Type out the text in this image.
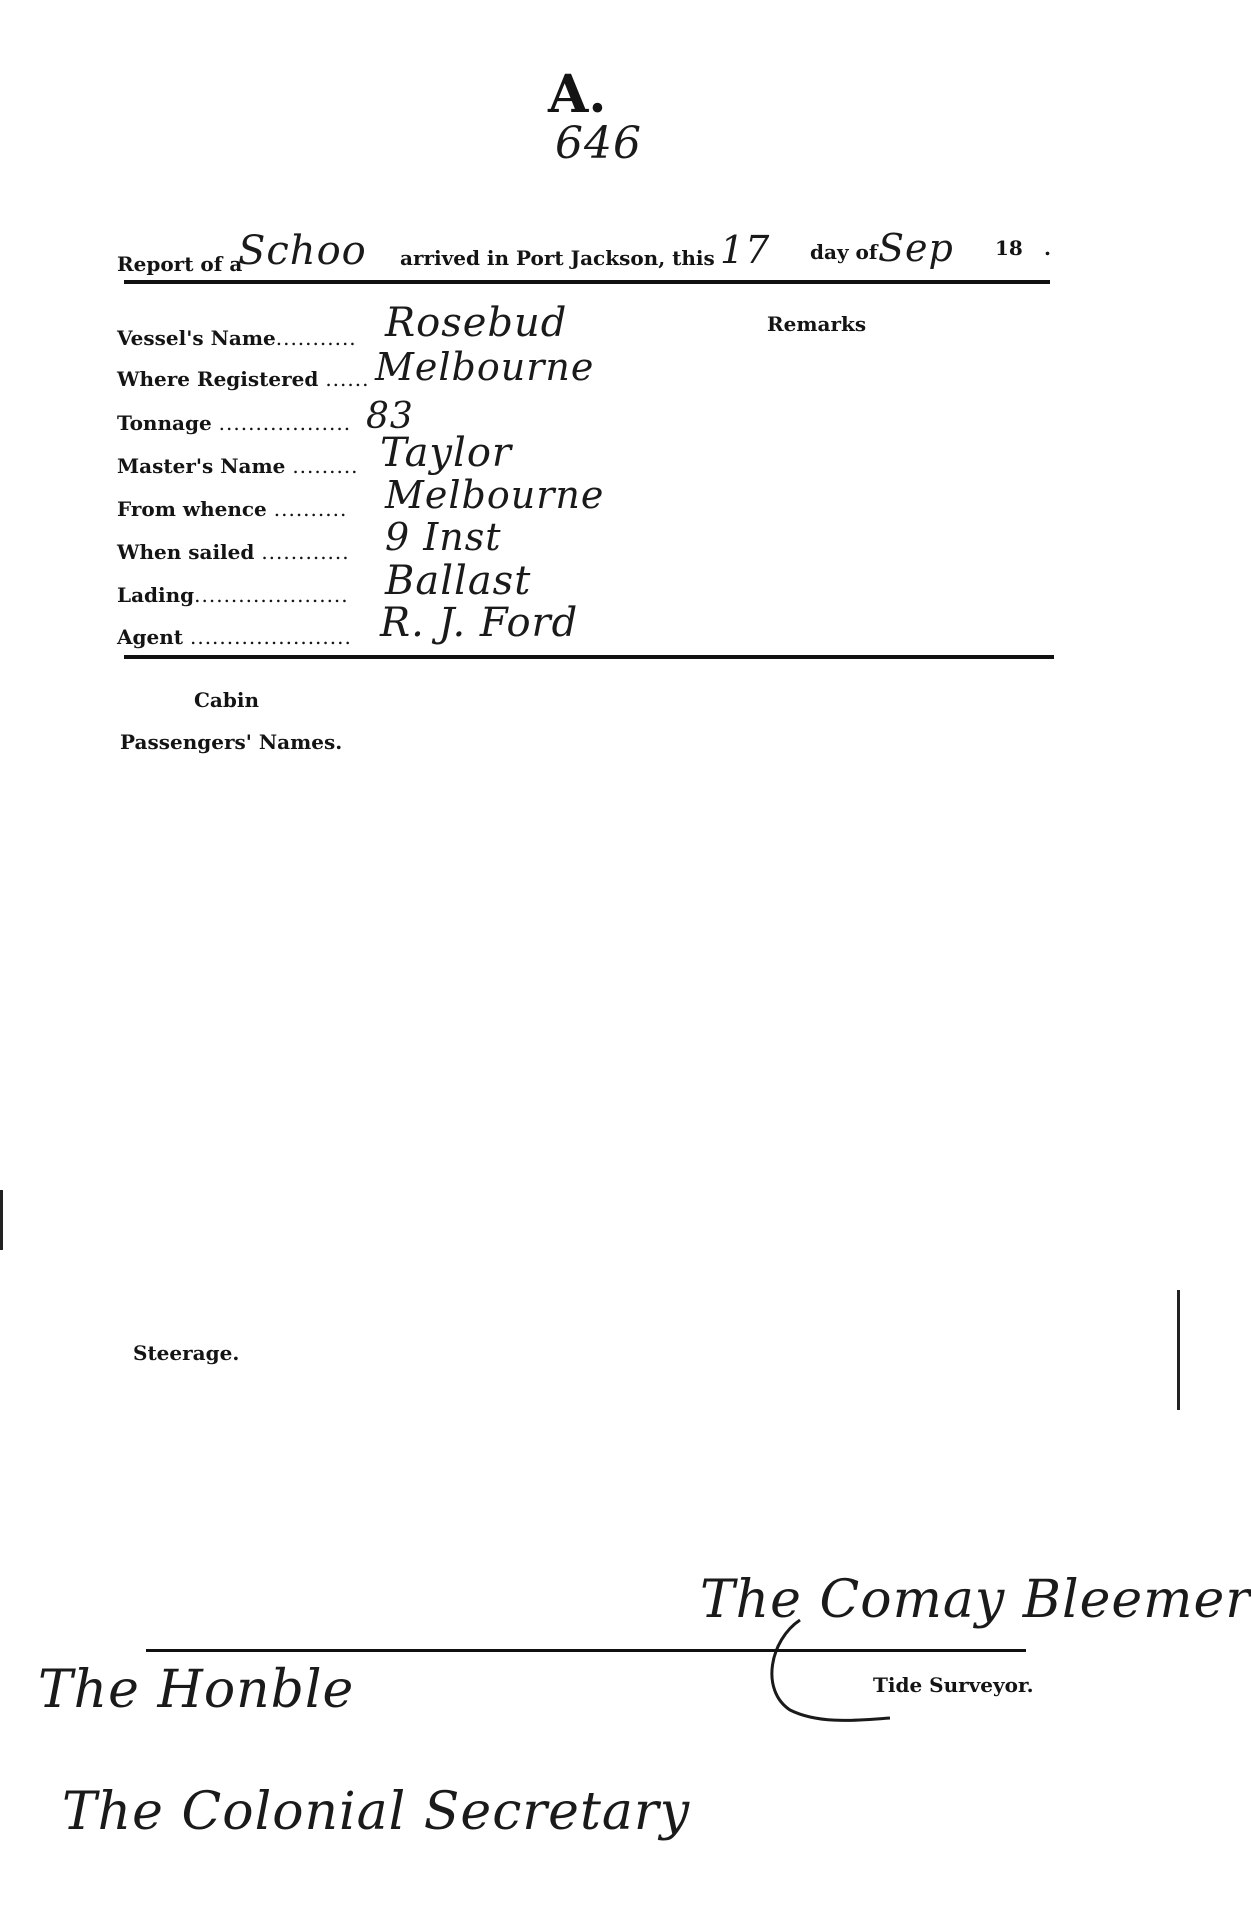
A.
646
Report of a
Schoo arrived in Port Jackson, this 17 day of Sep 18 .
Remarks
Vessel's Name........... Rosebud
Where Registered ...... Melbourne
Tonnage .................. 83
Master's Name ......... Taylor
From whence .......... Melbourne
When sailed ............ 9 Inst
Lading..................... Ballast
Agent ...................... R. J. Ford
Cabin
Passengers' Names.
Steerage.
The Comay Bleemer
Tide Surveyor.
The Honble
The Colonial Secretary
